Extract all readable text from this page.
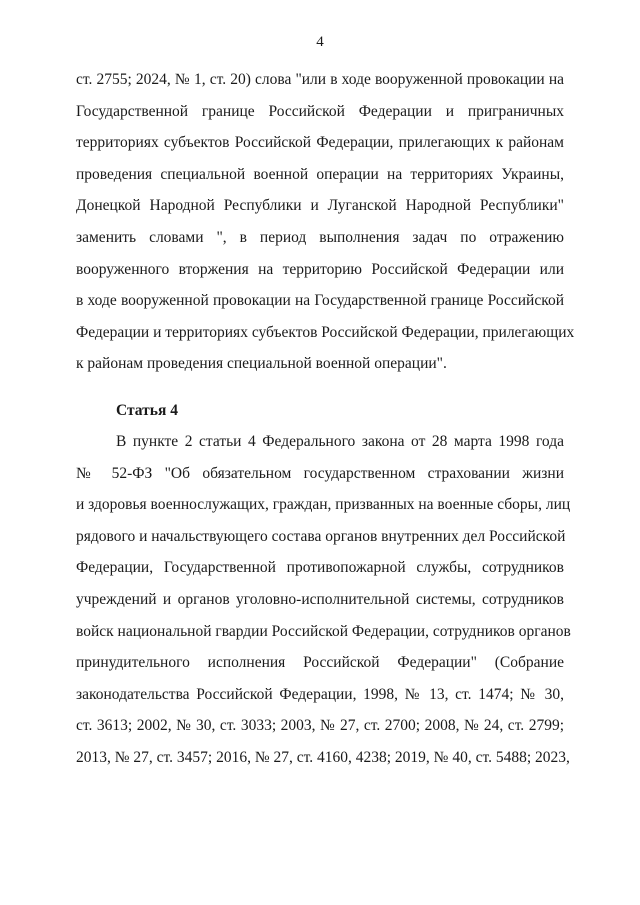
4
ст. 2755; 2024, № 1, ст. 20) слова "или в ходе вооруженной провокации на
Государственной границе Российской Федерации и приграничных
территориях субъектов Российской Федерации, прилегающих к районам
проведения специальной военной операции на территориях Украины,
Донецкой Народной Республики и Луганской Народной Республики"
заменить словами ", в период выполнения задач по отражению
вооруженного вторжения на территорию Российской Федерации или
в ходе вооруженной провокации на Государственной границе Российской
Федерации и территориях субъектов Российской Федерации, прилегающих
к районам проведения специальной военной операции".
Статья 4
В пункте 2 статьи 4 Федерального закона от 28 марта 1998 года
№ 52-ФЗ "Об обязательном государственном страховании жизни
и здоровья военнослужащих, граждан, призванных на военные сборы, лиц
рядового и начальствующего состава органов внутренних дел Российской
Федерации, Государственной противопожарной службы, сотрудников
учреждений и органов уголовно-исполнительной системы, сотрудников
войск национальной гвардии Российской Федерации, сотрудников органов
принудительного исполнения Российской Федерации" (Собрание
законодательства Российской Федерации, 1998, № 13, ст. 1474; № 30,
ст. 3613; 2002, № 30, ст. 3033; 2003, № 27, ст. 2700; 2008, № 24, ст. 2799;
2013, № 27, ст. 3457; 2016, № 27, ст. 4160, 4238; 2019, № 40, ст. 5488; 2023,
